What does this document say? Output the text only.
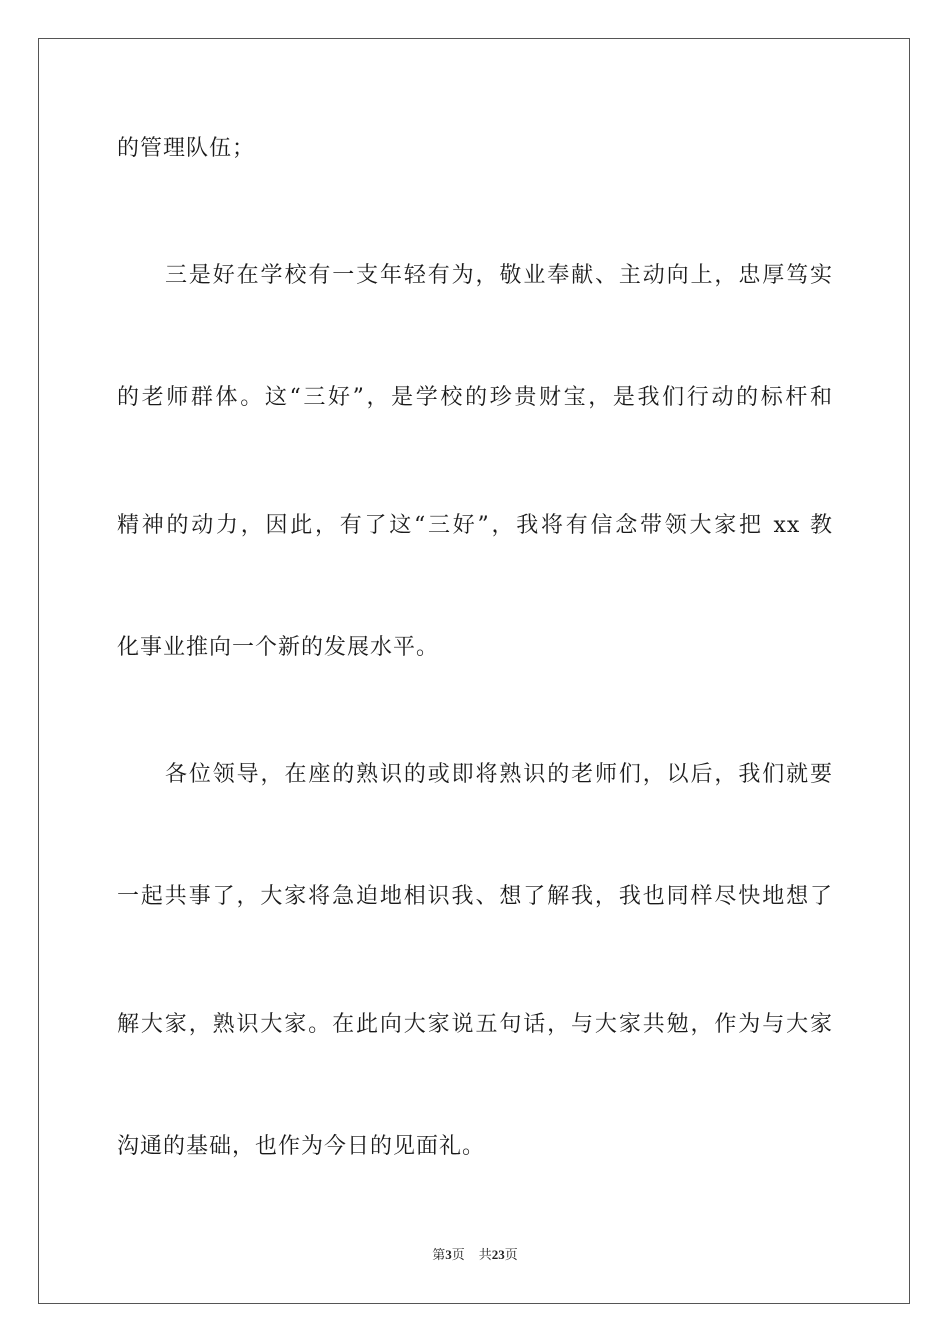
的管理队伍；
三是好在学校有一支年轻有为，敬业奉献、主动向上，忠厚笃实
的老师群体。这“三好”，是学校的珍贵财宝，是我们行动的标杆和
精神的动力，因此，有了这“三好”，我将有信念带领大家把 xx 教
化事业推向一个新的发展水平。
各位领导，在座的熟识的或即将熟识的老师们，以后，我们就要
一起共事了，大家将急迫地相识我、想了解我，我也同样尽快地想了
解大家，熟识大家。在此向大家说五句话，与大家共勉，作为与大家
沟通的基础，也作为今日的见面礼。
第3页 共23页
